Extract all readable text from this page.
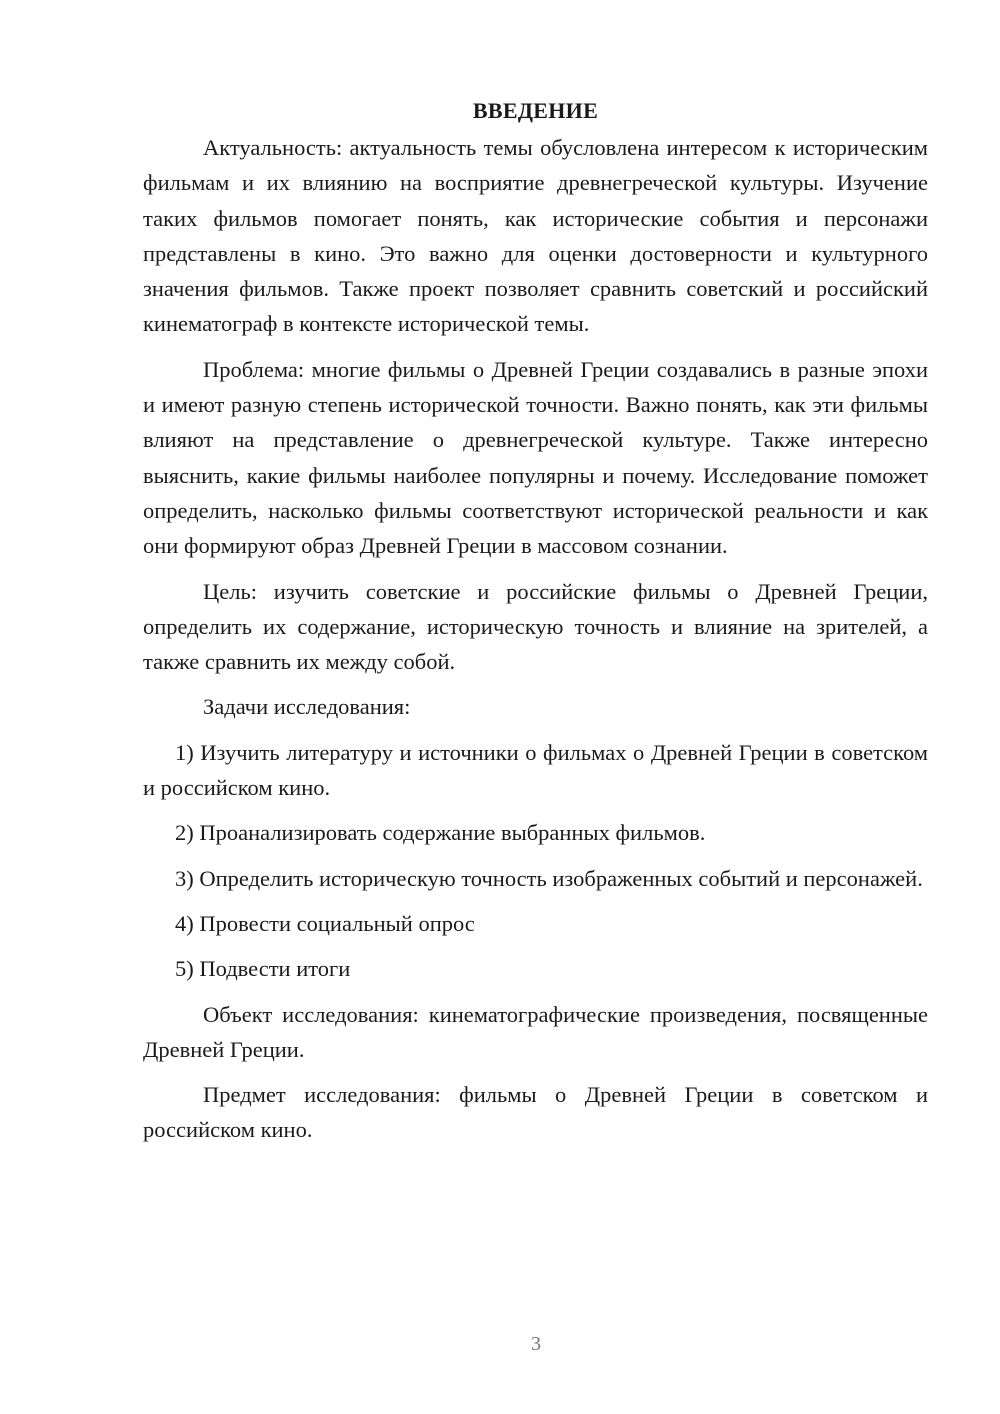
ВВЕДЕНИЕ

Актуальность: актуальность темы обусловлена интересом к историческим фильмам и их влиянию на восприятие древнегреческой культуры. Изучение таких фильмов помогает понять, как исторические события и персонажи представлены в кино. Это важно для оценки достоверности и культурного значения фильмов. Также проект позволяет сравнить советский и российский кинематограф в контексте исторической темы.

Проблема: многие фильмы о Древней Греции создавались в разные эпохи и имеют разную степень исторической точности. Важно понять, как эти фильмы влияют на представление о древнегреческой культуре. Также интересно выяснить, какие фильмы наиболее популярны и почему. Исследование поможет определить, насколько фильмы соответствуют исторической реальности и как они формируют образ Древней Греции в массовом сознании.

Цель: изучить советские и российские фильмы о Древней Греции, определить их содержание, историческую точность и влияние на зрителей, а также сравнить их между собой.

Задачи исследования:

1) Изучить литературу и источники о фильмах о Древней Греции в советском и российском кино.

2) Проанализировать содержание выбранных фильмов.

3) Определить историческую точность изображенных событий и персонажей.

4) Провести социальный опрос

5) Подвести итоги

Объект исследования: кинематографические произведения, посвященные Древней Греции.

Предмет исследования: фильмы о Древней Греции в советском и российском кино.

3
